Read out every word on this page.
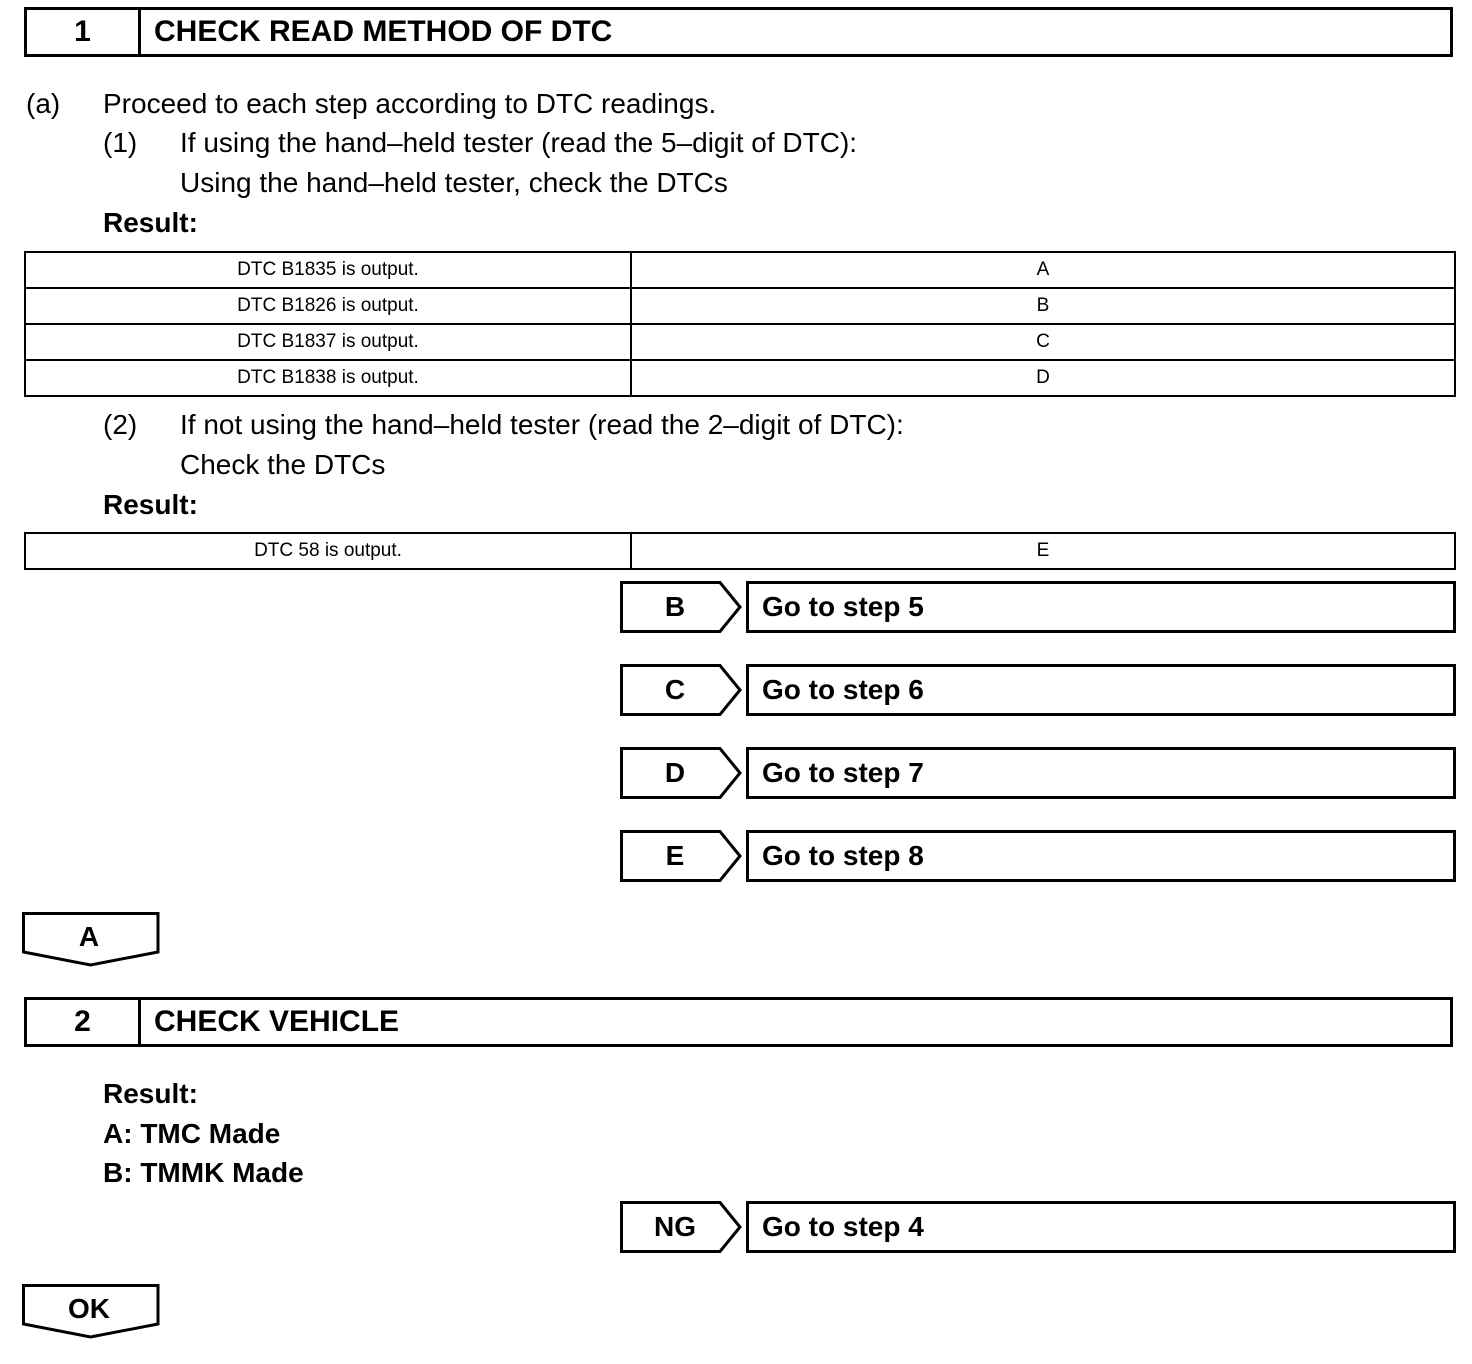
1	CHECK READ METHOD OF DTC
(a) Proceed to each step according to DTC readings.
(1) If using the hand–held tester (read the 5–digit of DTC):
Using the hand–held tester, check the DTCs
Result:
DTC B1835 is output.	A
DTC B1826 is output.	B
DTC B1837 is output.	C
DTC B1838 is output.	D
(2) If not using the hand–held tester (read the 2–digit of DTC):
Check the DTCs
Result:
DTC 58 is output.	E
B	Go to step 5
C	Go to step 6
D	Go to step 7
E	Go to step 8
A
2	CHECK VEHICLE
Result:
A: TMC Made
B: TMMK Made
NG	Go to step 4
OK
